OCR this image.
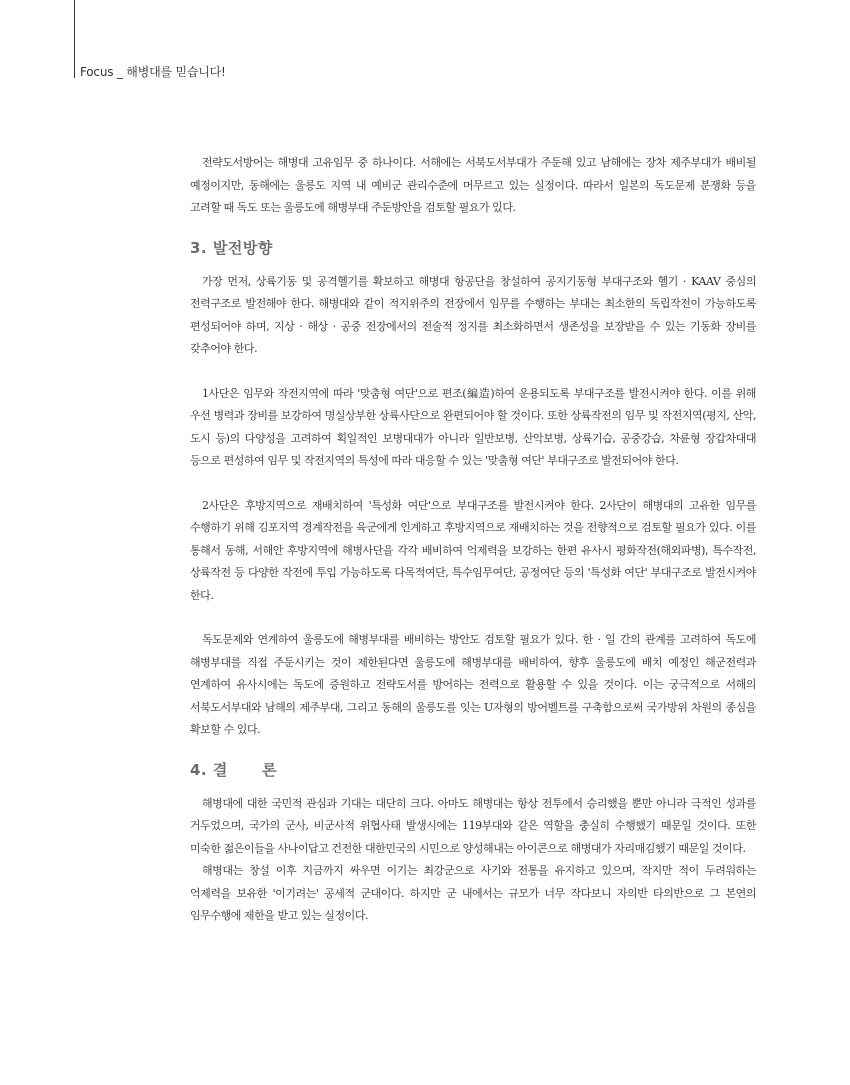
Focus _ 해병대를 믿습니다!

전략도서방어는 해병대 고유임무 중 하나이다. 서해에는 서북도서부대가 주둔해 있고 남해에는 장차 제주부대가 배비될 예정이지만, 동해에는 울릉도 지역 내 예비군 관리수준에 머무르고 있는 실정이다. 따라서 일본의 독도문제 분쟁화 등을 고려할 때 독도 또는 울릉도에 해병부대 주둔방안을 검토할 필요가 있다.

3. 발전방향

가장 먼저, 상륙기동 및 공격헬기를 확보하고 해병대 항공단을 창설하여 공지기동형 부대구조와 헬기 · KAAV 중심의 전력구조로 발전해야 한다. 해병대와 같이 적지위주의 전장에서 임무를 수행하는 부대는 최소한의 독립작전이 가능하도록 편성되어야 하며, 지상 · 해상 · 공중 전장에서의 전술적 정지를 최소화하면서 생존성을 보장받을 수 있는 기동화 장비를 갖추어야 한다.

1사단은 임무와 작전지역에 따라 '맞춤형 여단'으로 편조(編造)하여 운용되도록 부대구조를 발전시켜야 한다. 이를 위해 우선 병력과 장비를 보강하여 명실상부한 상륙사단으로 완편되어야 할 것이다. 또한 상륙작전의 임무 및 작전지역(평지, 산악, 도시 등)의 다양성을 고려하여 획일적인 보병대대가 아니라 일반보병, 산악보병, 상륙기습, 공중강습, 차륜형 장갑차대대 등으로 편성하여 임무 및 작전지역의 특성에 따라 대응할 수 있는 '맞춤형 여단' 부대구조로 발전되어야 한다.

2사단은 후방지역으로 재배치하여 '특성화 여단'으로 부대구조를 발전시켜야 한다. 2사단이 해병대의 고유한 임무를 수행하기 위해 김포지역 경계작전을 육군에게 인계하고 후방지역으로 재배치하는 것을 전향적으로 검토할 필요가 있다. 이를 통해서 동해, 서해안 후방지역에 해병사단을 각각 배비하여 억제력을 보강하는 한편 유사시 평화작전(해외파병), 특수작전, 상륙작전 등 다양한 작전에 투입 가능하도록 다목적여단, 특수임무여단, 공정여단 등의 '특성화 여단' 부대구조로 발전시켜야 한다.

독도문제와 연계하여 울릉도에 해병부대를 배비하는 방안도 검토할 필요가 있다. 한 · 일 간의 관계를 고려하여 독도에 해병부대를 직접 주둔시키는 것이 제한된다면 울릉도에 해병부대를 배비하여, 향후 울릉도에 배치 예정인 해군전력과 연계하여 유사시에는 독도에 증원하고 전략도서를 방어하는 전력으로 활용할 수 있을 것이다. 이는 궁극적으로 서해의 서북도서부대와 남해의 제주부대, 그리고 동해의 울릉도를 잇는 U자형의 방어벨트를 구축함으로써 국가방위 차원의 종심을 확보할 수 있다.

4. 결      론

해병대에 대한 국민적 관심과 기대는 대단히 크다. 아마도 해병대는 항상 전투에서 승리했을 뿐만 아니라 극적인 성과를 거두었으며, 국가의 군사, 비군사적 위협사태 발생시에는 119부대와 같은 역할을 충실히 수행했기 때문일 것이다. 또한 미숙한 젊은이들을 사나이답고 건전한 대한민국의 시민으로 양성해내는 아이콘으로 해병대가 자리매김했기 때문일 것이다.

해병대는 창설 이후 지금까지 싸우면 이기는 최강군으로 사기와 전통을 유지하고 있으며, 작지만 적이 두려워하는 억제력을 보유한 '이기려는' 공세적 군대이다. 하지만 군 내에서는 규모가 너무 작다보니 자의반 타의반으로 그 본연의 임무수행에 제한을 받고 있는 실정이다.
